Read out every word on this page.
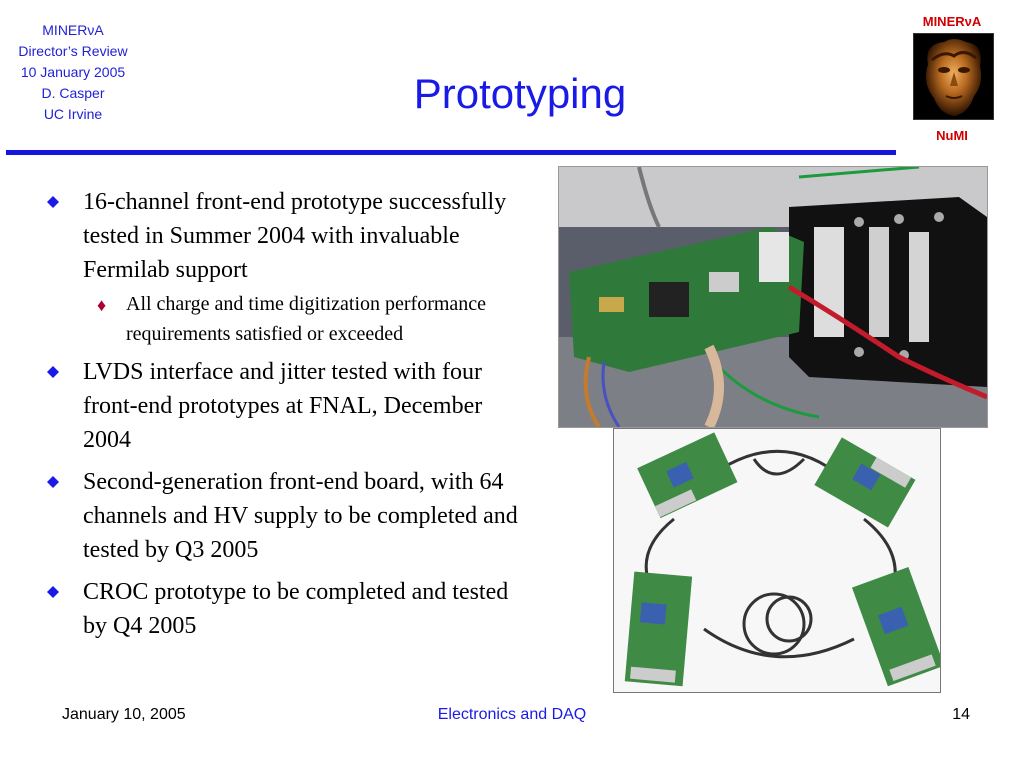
MINERνA
Director’s Review
10 January 2005
D. Casper
UC Irvine	Prototyping
MINERνA
NuMI
16-channel front-end prototype successfully tested in Summer 2004 with invaluable Fermilab support
♦ All charge and time digitization performance requirements satisfied or exceeded
LVDS interface and jitter tested with four front-end prototypes at FNAL, December 2004
Second-generation front-end board, with 64 channels and HV supply to be completed and tested by Q3 2005
CROC prototype to be completed and tested by Q4 2005
January 10, 2005	Electronics and DAQ	14
